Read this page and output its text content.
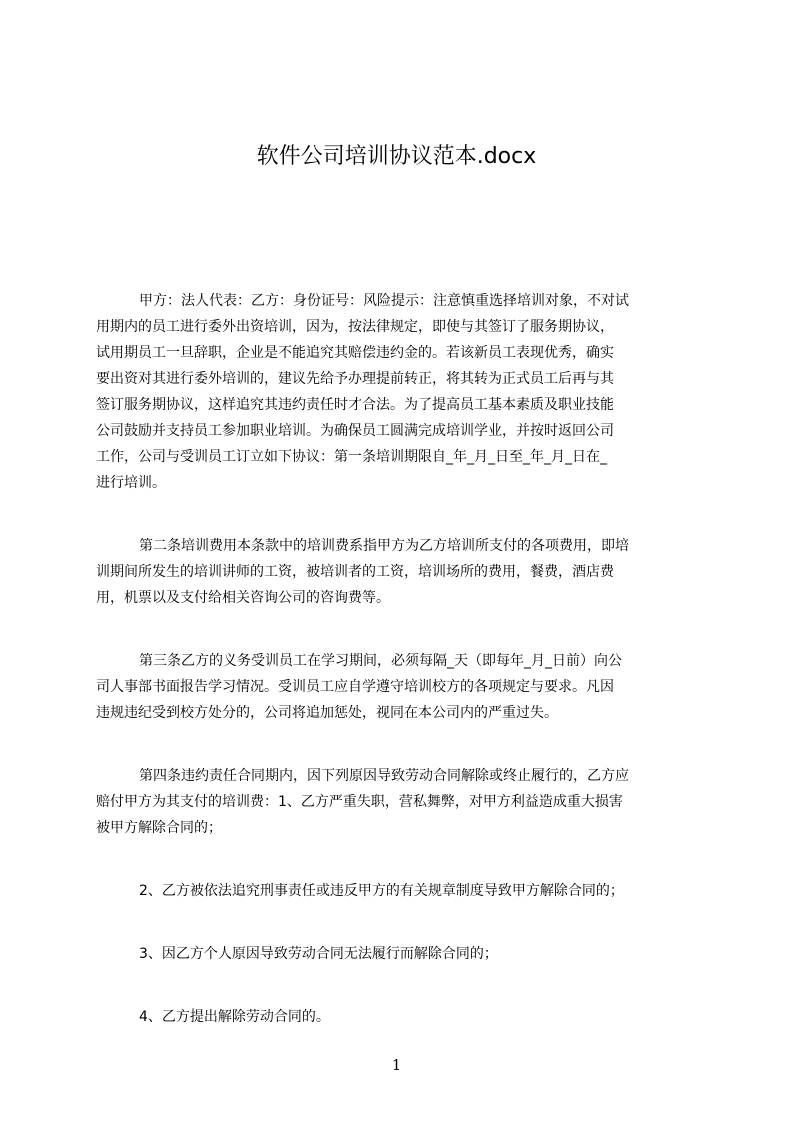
软件公司培训协议范本.docx

甲方：法人代表：乙方：身份证号：风险提示：注意慎重选择培训对象，不对试
用期内的员工进行委外出资培训，因为，按法律规定，即使与其签订了服务期协议，
试用期员工一旦辞职，企业是不能追究其赔偿违约金的。若该新员工表现优秀，确实
要出资对其进行委外培训的，建议先给予办理提前转正，将其转为正式员工后再与其
签订服务期协议，这样追究其违约责任时才合法。为了提高员工基本素质及职业技能
公司鼓励并支持员工参加职业培训。为确保员工圆满完成培训学业，并按时返回公司
工作，公司与受训员工订立如下协议：第一条培训期限自_年_月_日至_年_月_日在_
进行培训。

第二条培训费用本条款中的培训费系指甲方为乙方培训所支付的各项费用，即培
训期间所发生的培训讲师的工资，被培训者的工资，培训场所的费用，餐费，酒店费
用，机票以及支付给相关咨询公司的咨询费等。

第三条乙方的义务受训员工在学习期间，必须每隔_天（即每年_月_日前）向公
司人事部书面报告学习情况。受训员工应自学遵守培训校方的各项规定与要求。凡因
违规违纪受到校方处分的，公司将追加惩处，视同在本公司内的严重过失。

第四条违约责任合同期内，因下列原因导致劳动合同解除或终止履行的，乙方应
赔付甲方为其支付的培训费：1、乙方严重失职，营私舞弊，对甲方利益造成重大损害
被甲方解除合同的；

2、乙方被依法追究刑事责任或违反甲方的有关规章制度导致甲方解除合同的；

3、因乙方个人原因导致劳动合同无法履行而解除合同的；

4、乙方提出解除劳动合同的。

1
